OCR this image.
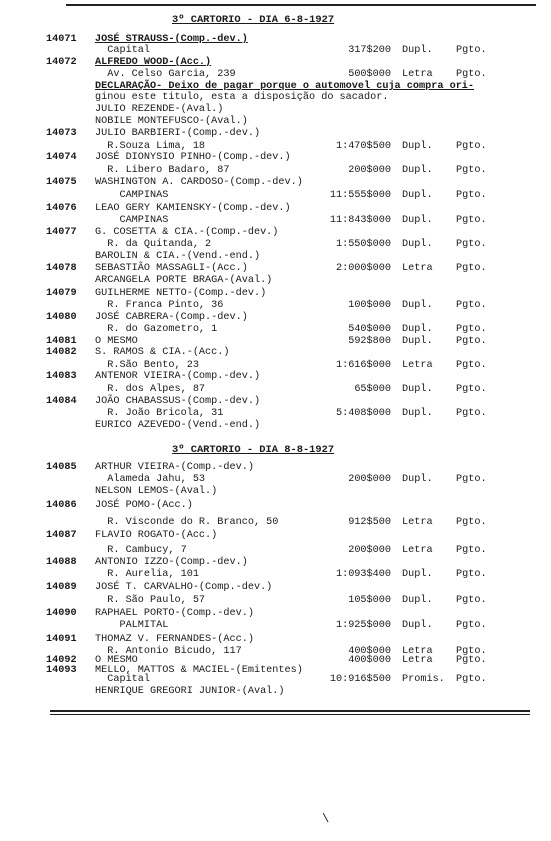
3º CARTORIO - DIA 6-8-1927
3º CARTORIO - DIA 8-8-1927
14071 JOSÉ STRAUSS-(Comp.-dev.)
Capital	317$200 Dupl. Pgto.
14072 ALFREDO WOOD-(Acc.)
Av. Celso Garcia, 239	500$000 Letra Pgto.
DECLARAÇÃO- Deixo de pagar porque o automovel cuja compra ori-
ginou este titulo, esta a disposição do sacador.
JULIO REZENDE-(Aval.)
NOBILE MONTEFUSCO-(Aval.)
14073 JULIO BARBIERI-(Comp.-dev.)
R.Souza Lima, 18	1:470$500 Dupl. Pgto.
14074 JOSÉ DIONYSIO PINHO-(Comp.-dev.)
R. Libero Badaro, 87	200$000 Dupl. Pgto.
14075 WASHINGTON A. CARDOSO-(Comp.-dev.)
CAMPINAS	11:555$000 Dupl. Pgto.
14076 LEAO GERY KAMIENSKY-(Comp.-dev.)
CAMPINAS	11:843$000 Dupl. Pgto.
14077 G. COSETTA & CIA.-(Comp.-dev.)
R. da Quitanda, 2	1:550$000 Dupl. Pgto.
BAROLIN & CIA.-(Vend.-end.)
14078 SEBASTIÃO MASSAGLI-(Acc.)	2:000$000 Letra Pgto.
ARCANGELA PORTE BRAGA-(Aval.)
14079 GUILHERME NETTO-(Comp.-dev.)
R. Franca Pinto, 36	100$000 Dupl. Pgto.
14080 JOSÉ CABRERA-(Comp.-dev.)
R. do Gazometro, 1	540$000 Dupl. Pgto.
14081 O MESMO	592$800 Dupl. Pgto.
14082 S. RAMOS & CIA.-(Acc.)
R.São Bento, 23	1:616$000 Letra Pgto.
14083 ANTENOR VIEIRA-(Comp.-dev.)
R. dos Alpes, 87	65$000 Dupl. Pgto.
14084 JOÃO CHABASSUS-(Comp.-dev.)
R. João Bricola, 31	5:408$000 Dupl. Pgto.
EURICO AZEVEDO-(Vend.-end.)
14085 ARTHUR VIEIRA-(Comp.-dev.)
Alameda Jahu, 53	200$000 Dupl. Pgto.
NELSON LEMOS-(Aval.)
14086 JOSÉ POMO-(Acc.)
R. Visconde do R. Branco, 50	912$500 Letra Pgto.
14087 FLAVIO ROGATO-(Acc.)
R. Cambucy, 7	200$000 Letra Pgto.
14088 ANTONIO IZZO-(Comp.-dev.)
R. Aurelia, 101	1:093$400 Dupl. Pgto.
14089 JOSÉ T. CARVALHO-(Comp.-dev.)
R. São Paulo, 57	105$000 Dupl. Pgto.
14090 RAPHAEL PORTO-(Comp.-dev.)
PALMITAL	1:925$000 Dupl. Pgto.
14091 THOMAZ V. FERNANDES-(Acc.)
R. Antonio Bicudo, 117	400$000 Letra Pgto.
14092 O MESMO	400$000 Letra Pgto.
14093 MELLO, MATTOS & MACIEL-(Emitentes)
Capital	10:916$500 Promis. Pgto.
HENRIQUE GREGORI JUNIOR-(Aval.)
\
